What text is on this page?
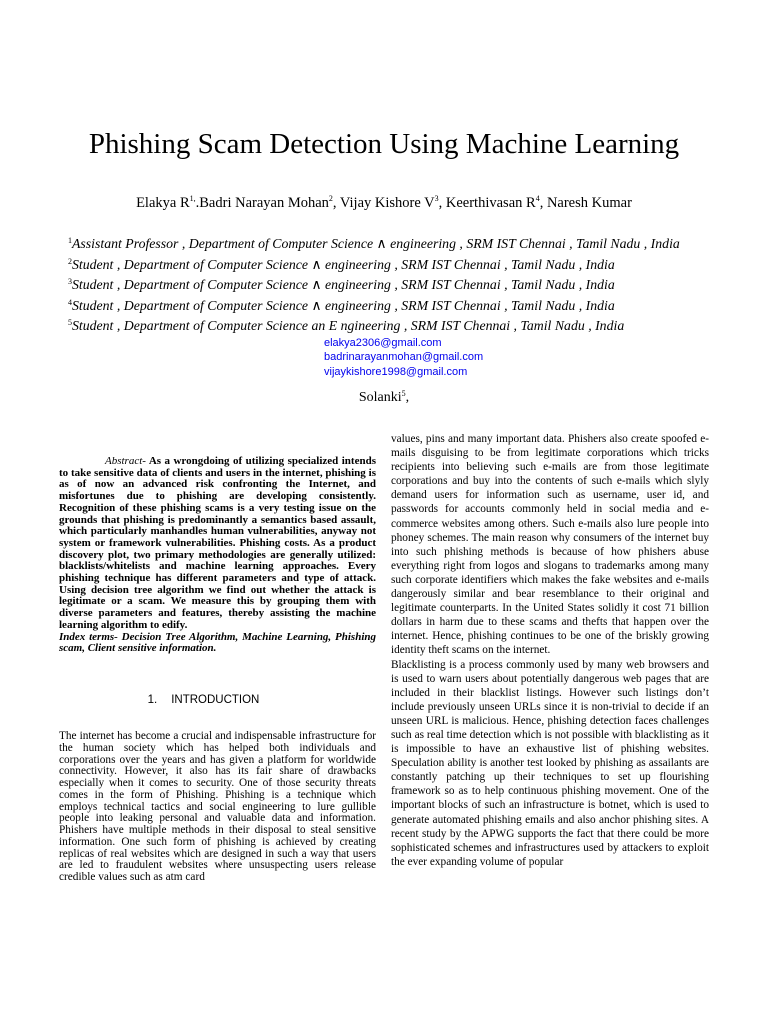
Phishing Scam Detection Using Machine Learning
Elakya $R^{1,}.Badri$ Narayan Mohan$^2$, Vijay Kishore $V^3$, Keerthivasan $R^4$, Naresh Kumar
$^1$Assistant Professor , Department of Computer Science ∧ engineering , SRM IST Chennai , Tamil Nadu , India
$^2$Student , Department of Computer Science ∧ engineering , SRM IST Chennai , Tamil Nadu , India
$^3$Student , Department of Computer Science ∧ engineering , SRM IST Chennai , Tamil Nadu , India
$^4$Student , Department of Computer Science ∧ engineering , SRM IST Chennai , Tamil Nadu , India
$^5$Student , Department of Computer Science an E ngineering , SRM IST Chennai , Tamil Nadu , India
elakya2306@gmail.com
badrinarayanmohan@gmail.com
vijaykishore1998@gmail.com
Solanki$^5$,

Abstract- As a wrongdoing of utilizing specialized intends to take sensitive data of clients and users in the internet, phishing is as of now an advanced risk confronting the Internet, and misfortunes due to phishing are developing consistently. Recognition of these phishing scams is a very testing issue on the grounds that phishing is predominantly a semantics based assault, which particularly manhandles human vulnerabilities, anyway not system or framework vulnerabilities. Phishing costs. As a product discovery plot, two primary methodologies are generally utilized: blacklists/whitelists and machine learning approaches. Every phishing technique has different parameters and type of attack. Using decision tree algorithm we find out whether the attack is legitimate or a scam. We measure this by grouping them with diverse parameters and features, thereby assisting the machine learning algorithm to edify.

Index terms- Decision Tree Algorithm, Machine Learning, Phishing scam, Client sensitive information.

1. INTRODUCTION

The internet has become a crucial and indispensable infrastructure for the human society which has helped both individuals and corporations over the years and has given a platform for worldwide connectivity. However, it also has its fair share of drawbacks especially when it comes to security. One of those security threats comes in the form of Phishing. Phishing is a technique which employs technical tactics and social engineering to lure gullible people into leaking personal and valuable data and information. Phishers have multiple methods in their disposal to steal sensitive information. One such form of phishing is achieved by creating replicas of real websites which are designed in such a way that users are led to fraudulent websites where unsuspecting users release credible values such as atm card

values, pins and many important data. Phishers also create spoofed e-mails disguising to be from legitimate corporations which tricks recipients into believing such e-mails are from those legitimate corporations and buy into the contents of such e-mails which slyly demand users for information such as username, user id, and passwords for accounts commonly held in social media and e-commerce websites among others. Such e-mails also lure people into phoney schemes. The main reason why consumers of the internet buy into such phishing methods is because of how phishers abuse everything right from logos and slogans to trademarks among many such corporate identifiers which makes the fake websites and e-mails dangerously similar and bear resemblance to their original and legitimate counterparts. In the United States solidly it cost 71 billion dollars in harm due to these scams and thefts that happen over the internet. Hence, phishing continues to be one of the briskly growing identity theft scams on the internet.

Blacklisting is a process commonly used by many web browsers and is used to warn users about potentially dangerous web pages that are included in their blacklist listings. However such listings don’t include previously unseen URLs since it is non-trivial to decide if an unseen URL is malicious. Hence, phishing detection faces challenges such as real time detection which is not possible with blacklisting as it is impossible to have an exhaustive list of phishing websites. Speculation ability is another test looked by phishing as assailants are constantly patching up their techniques to set up flourishing framework so as to help continuous phishing movement. One of the important blocks of such an infrastructure is botnet, which is used to generate automated phishing emails and also anchor phishing sites. A recent study by the APWG supports the fact that there could be more sophisticated schemes and infrastructures used by attackers to exploit the ever expanding volume of popular
